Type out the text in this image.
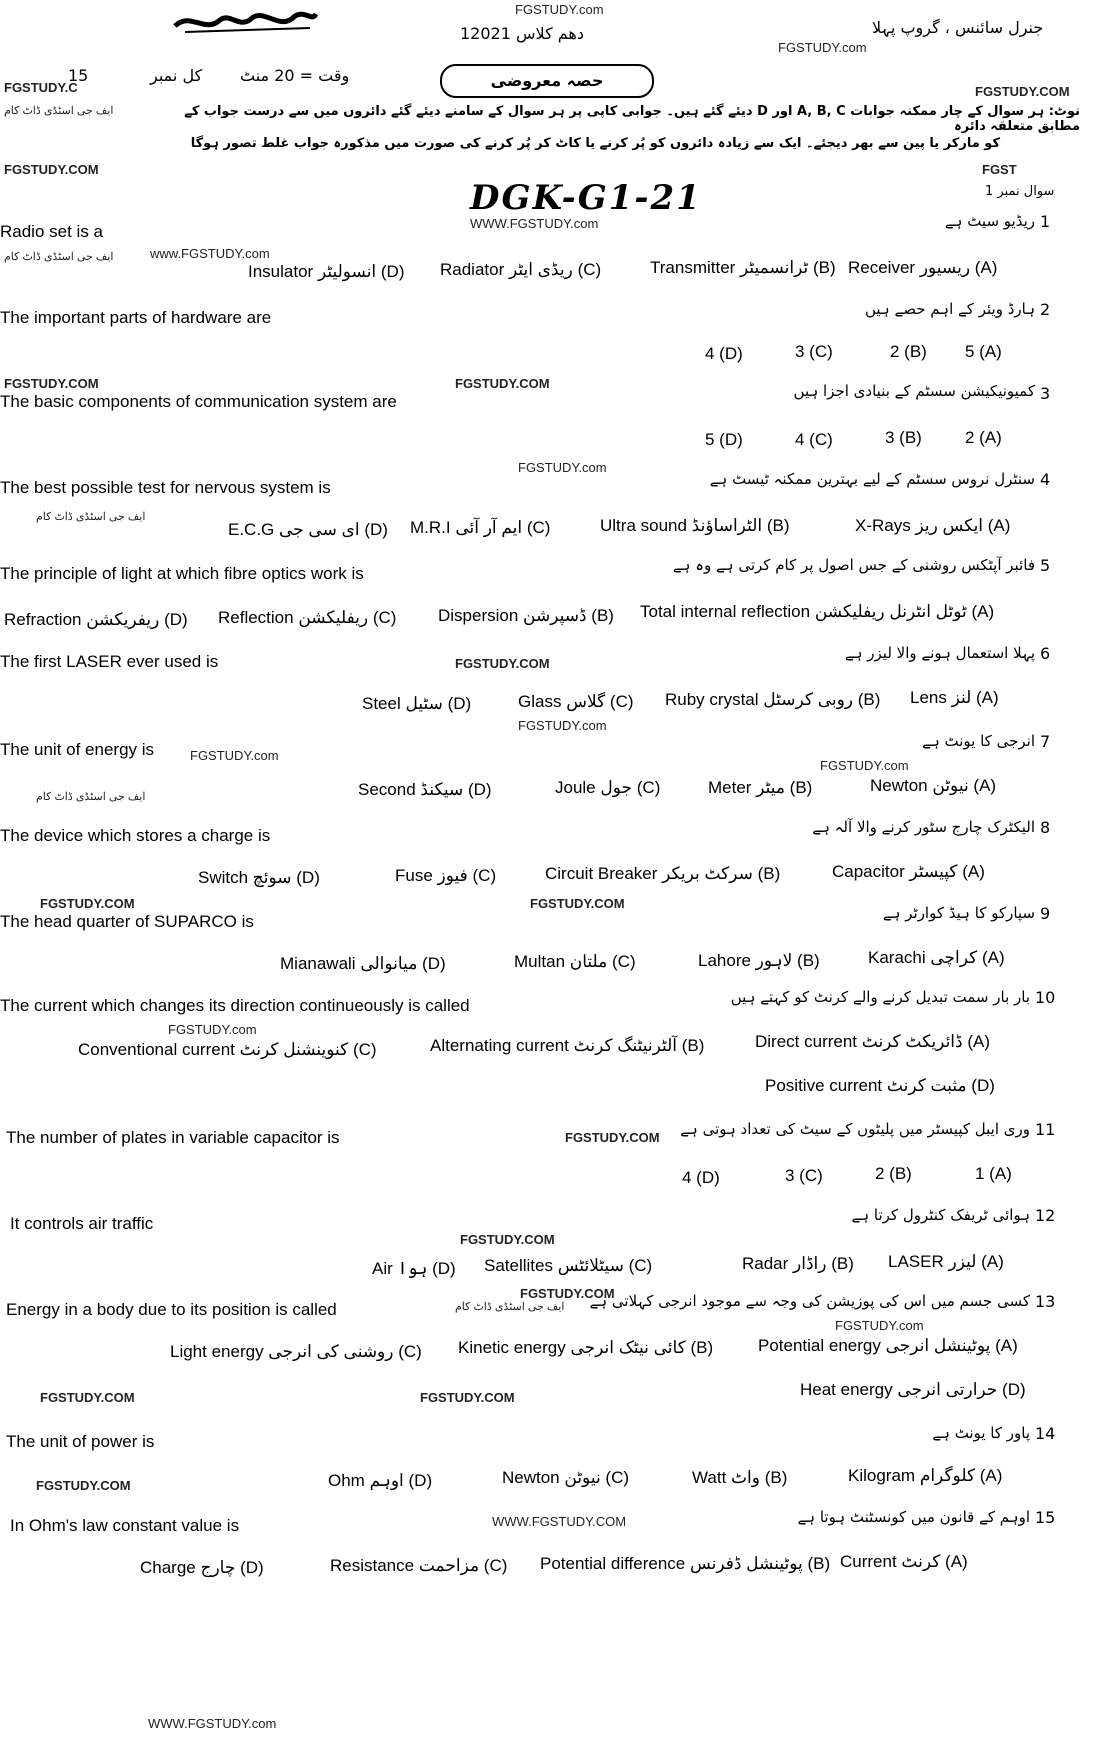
FGSTUDY.com
دھم کلاس 12021	جنرل سائنس ، گروپ پہلا
FGSTUDY.com
حصہ معروضی
وقت = 20 منٹ
15	کل نمبر
FGSTUDY.C
ایف جی اسٹڈی ڈاٹ کام
FGSTUDY.COM
نوٹ: ہر سوال کے چار ممکنہ جوابات A, B, C اور D دیئے گئے ہیں۔ جوابی کاپی پر ہر سوال کے سامنے دیئے گئے دائروں میں سے درست جواب کے مطابق متعلقہ دائرہ
کو مارکر یا پین سے بھر دیجئے۔ ایک سے زیادہ دائروں کو پُر کرنے یا کاٹ کر پُر کرنے کی صورت میں مذکورہ جواب غلط تصور ہوگا
FGSTUDY.COM
DGK-G1-21
FGST
سوال نمبر 1
WWW.FGSTUDY.com
www.FGSTUDY.com
ایف جی اسٹڈی ڈاٹ کام
FGSTUDY.COM	FGSTUDY.COM
FGSTUDY.com
ایف جی اسٹڈی ڈاٹ کام
FGSTUDY.COM
FGSTUDY.com
FGSTUDY.com
ایف جی اسٹڈی ڈاٹ کام
FGSTUDY.com
FGSTUDY.COM	FGSTUDY.COM
FGSTUDY.com
FGSTUDY.COM
FGSTUDY.COM
FGSTUDY.COM
ایف جی اسٹڈی ڈاٹ کام
FGSTUDY.com
FGSTUDY.COM	FGSTUDY.COM
FGSTUDY.COM
WWW.FGSTUDY.COM
WWW.FGSTUDY.com
Radio set is a
ریڈیو سیٹ ہے 1
Receiver ریسیور (A)
Transmitter ٹرانسمیٹر (B)
Radiator ریڈی ایٹر (C)
Insulator انسولیٹر (D)
The important parts of hardware are	ہارڈ ویئر کے اہم حصے ہیں 2
5 (A)
2 (B)
3 (C)
4 (D)
The basic components of communication system are
کمیونیکیشن سسٹم کے بنیادی اجزا ہیں 3
2 (A)
3 (B)
4 (C)
5 (D)
The best possible test for nervous system is	سنٹرل نروس سسٹم کے لیے بہترین ممکنہ ٹیسٹ ہے 4
X-Rays ایکس ریز (A)
Ultra sound الٹراساؤنڈ (B)
M.R.I ایم آر آئی (C)
E.C.G ای سی جی (D)
The principle of light at which fibre optics work is	فائبر آپٹکس روشنی کے جس اصول پر کام کرتی ہے وہ ہے 5
Total internal reflection ٹوٹل انٹرنل ریفلیکشن (A)
Dispersion ڈسپرشن (B)
Reflection ریفلیکشن (C)
Refraction ریفریکشن (D)
The first LASER ever used is	پہلا استعمال ہونے والا لیزر ہے 6
Lens لنز (A)
Ruby crystal روبی کرسٹل (B)
Glass گلاس (C)
Steel سٹیل (D)
The unit of energy is	انرجی کا یونٹ ہے 7
Newton نیوٹن (A)
Meter میٹر (B)
Joule جول (C)
Second سیکنڈ (D)
The device which stores a charge is	الیکٹرک چارج سٹور کرنے والا آلہ ہے 8
Capacitor کپیسٹر (A)
Circuit Breaker سرکٹ بریکر (B)
Fuse فیوز (C)
Switch سوئچ (D)
The head quarter of SUPARCO is	سپارکو کا ہیڈ کوارٹر ہے 9
Karachi کراچی (A)
Lahore لاہور (B)
Multan ملتان (C)
Mianawali میانوالی (D)
The current which changes its direction continueously is called	بار بار سمت تبدیل کرنے والے کرنٹ کو کہتے ہیں 10
Direct current ڈائریکٹ کرنٹ (A)
Alternating current آلٹرنیٹنگ کرنٹ (B)
Conventional current کنوینشنل کرنٹ (C)
Positive current مثبت کرنٹ (D)
The number of plates in variable capacitor is	وری ایبل کپیسٹر میں پلیٹوں کے سیٹ کی تعداد ہوتی ہے 11
1 (A)
2 (B)
3 (C)
4 (D)
It controls air traffic	ہوائی ٹریفک کنٹرول کرتا ہے 12
LASER لیزر (A)
Radar راڈار (B)
Satellites سیٹلائٹس (C)
Air ہوا (D)
Energy in a body due to its position is called	کسی جسم میں اس کی پوزیشن کی وجہ سے موجود انرجی کہلاتی ہے 13
Potential energy پوٹینشل انرجی (A)
Kinetic energy کائی نیٹک انرجی (B)
Light energy روشنی کی انرجی (C)
Heat energy حرارتی انرجی (D)
The unit of power is	پاور کا یونٹ ہے 14
Kilogram کلوگرام (A)
Watt واٹ (B)
Newton نیوٹن (C)
Ohm اوہم (D)
In Ohm's law constant value is	اوہم کے قانون میں کونسٹنٹ ہوتا ہے 15
Current کرنٹ (A)
Potential difference پوٹینشل ڈفرنس (B)
Resistance مزاحمت (C)
Charge چارج (D)
